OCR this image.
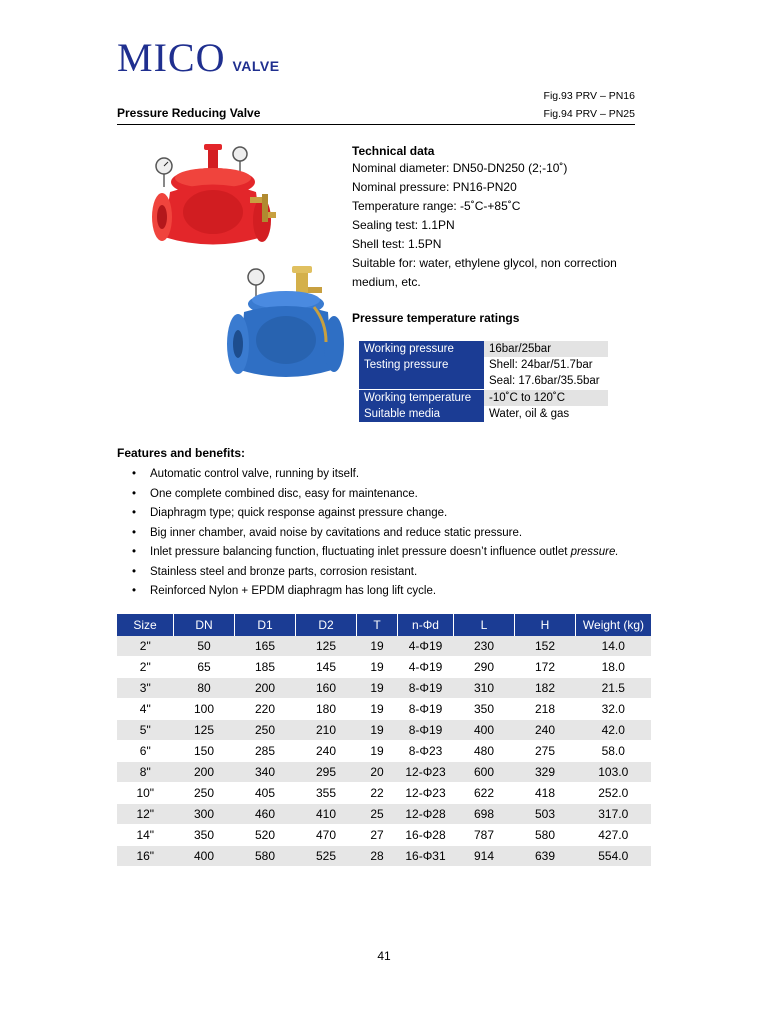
MICO VALVE
Fig.93 PRV – PN16
Fig.94 PRV – PN25
Pressure Reducing Valve
Technical data
Nominal diameter: DN50-DN250 (2;-10˚)
Nominal pressure: PN16-PN20
Temperature range: -5˚C-+85˚C
Sealing test: 1.1PN
Shell test: 1.5PN
Suitable for: water, ethylene glycol, non correction
medium, etc.
Pressure temperature ratings
Working pressure	16bar/25bar
Testing pressure	Shell: 24bar/51.7bar
	Seal: 17.6bar/35.5bar
Working temperature	-10˚C to 120˚C
Suitable media	Water, oil & gas
Features and benefits:
• Automatic control valve, running by itself.
• One complete combined disc, easy for maintenance.
• Diaphragm type; quick response against pressure change.
• Big inner chamber, avaid noise by cavitations and reduce static pressure.
• Inlet pressure balancing function, fluctuating inlet pressure doesn’t influence outlet pressure.
• Stainless steel and bronze parts, corrosion resistant.
• Reinforced Nylon + EPDM diaphragm has long lift cycle.
Size	DN	D1	D2	T	n-Φd	L	H	Weight (kg)
2"	50	165	125	19	4-Φ19	230	152	14.0
2"	65	185	145	19	4-Φ19	290	172	18.0
3"	80	200	160	19	8-Φ19	310	182	21.5
4"	100	220	180	19	8-Φ19	350	218	32.0
5"	125	250	210	19	8-Φ19	400	240	42.0
6"	150	285	240	19	8-Φ23	480	275	58.0
8"	200	340	295	20	12-Φ23	600	329	103.0
10"	250	405	355	22	12-Φ23	622	418	252.0
12"	300	460	410	25	12-Φ28	698	503	317.0
14"	350	520	470	27	16-Φ28	787	580	427.0
16"	400	580	525	28	16-Φ31	914	639	554.0
41
